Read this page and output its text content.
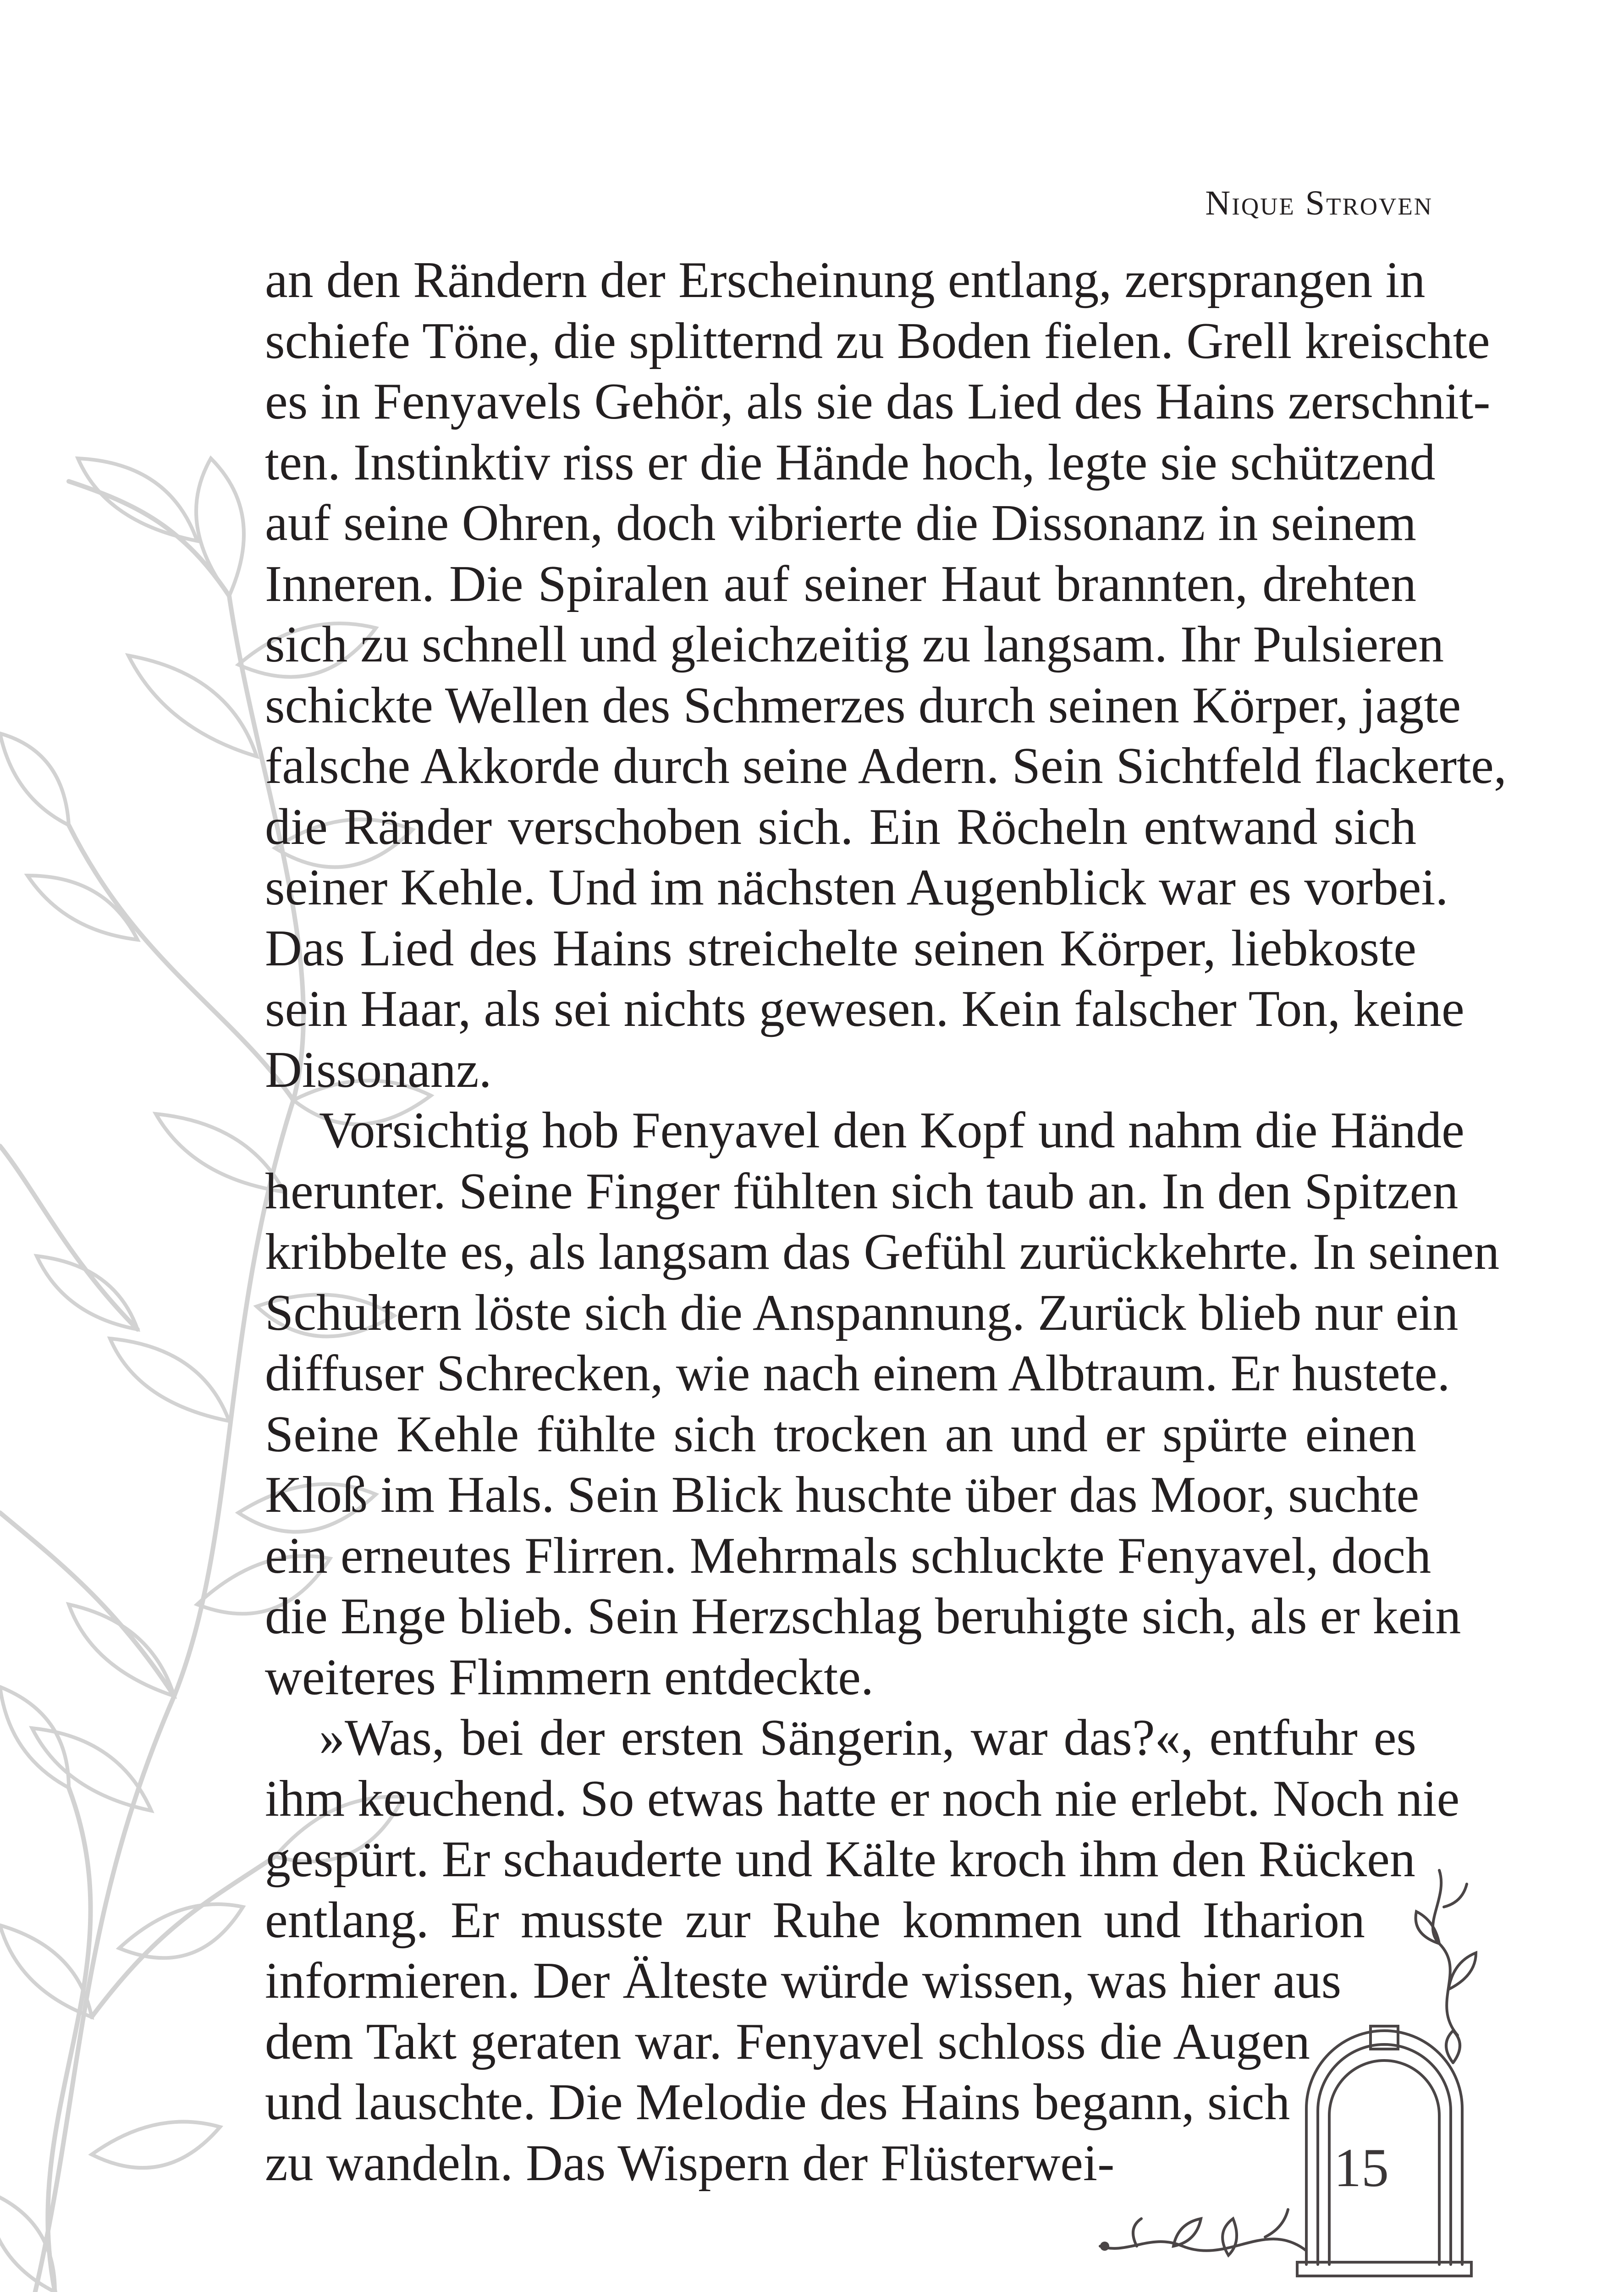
Nique Stroven
an den Rändern der Erscheinung entlang, zersprangen in
schiefe Töne, die splitternd zu Boden fielen. Grell kreischte
es in Fenyavels Gehör, als sie das Lied des Hains zerschnit-
ten. Instinktiv riss er die Hände hoch, legte sie schützend
auf seine Ohren, doch vibrierte die Dissonanz in seinem
Inneren. Die Spiralen auf seiner Haut brannten, drehten
sich zu schnell und gleichzeitig zu langsam. Ihr Pulsieren
schickte Wellen des Schmerzes durch seinen Körper, jagte
falsche Akkorde durch seine Adern. Sein Sichtfeld flackerte,
die Ränder verschoben sich. Ein Röcheln entwand sich
seiner Kehle. Und im nächsten Augenblick war es vorbei.
Das Lied des Hains streichelte seinen Körper, liebkoste
sein Haar, als sei nichts gewesen. Kein falscher Ton, keine
Dissonanz.
Vorsichtig hob Fenyavel den Kopf und nahm die Hände
herunter. Seine Finger fühlten sich taub an. In den Spitzen
kribbelte es, als langsam das Gefühl zurückkehrte. In seinen
Schultern löste sich die Anspannung. Zurück blieb nur ein
diffuser Schrecken, wie nach einem Albtraum. Er hustete.
Seine Kehle fühlte sich trocken an und er spürte einen
Kloß im Hals. Sein Blick huschte über das Moor, suchte
ein erneutes Flirren. Mehrmals schluckte Fenyavel, doch
die Enge blieb. Sein Herzschlag beruhigte sich, als er kein
weiteres Flimmern entdeckte.
»Was, bei der ersten Sängerin, war das?«, entfuhr es
ihm keuchend. So etwas hatte er noch nie erlebt. Noch nie
gespürt. Er schauderte und Kälte kroch ihm den Rücken
entlang. Er musste zur Ruhe kommen und Itharion
informieren. Der Älteste würde wissen, was hier aus
dem Takt geraten war. Fenyavel schloss die Augen
und lauschte. Die Melodie des Hains begann, sich
zu wandeln. Das Wispern der Flüsterwei-	15
